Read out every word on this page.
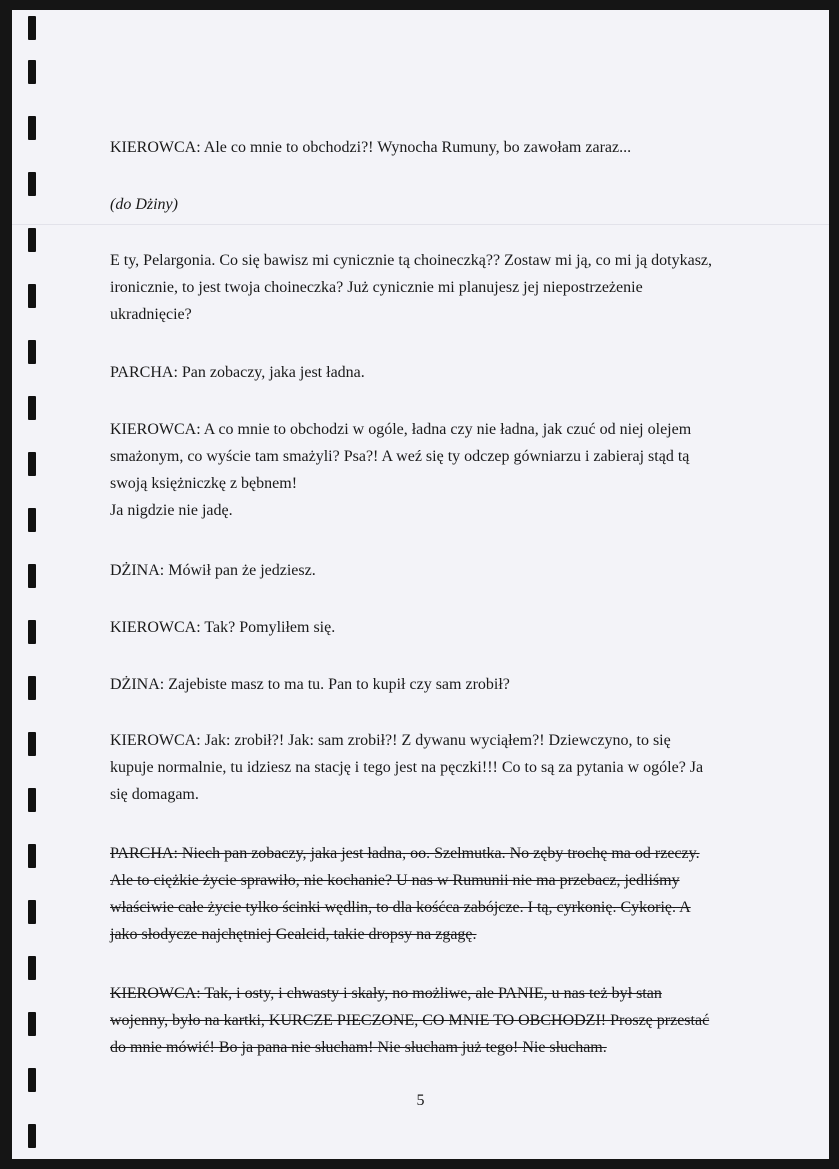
KIEROWCA: Ale co mnie to obchodzi?! Wynocha Rumuny, bo zawołam zaraz...

(do Dżiny)

E ty, Pelargonia. Co się bawisz mi cynicznie tą choineczką?? Zostaw mi ją, co mi ją dotykasz,
ironicznie, to jest twoja choineczka? Już cynicznie mi planujesz jej niepostrzeżenie
ukradnięcie?

PARCHA: Pan zobaczy, jaka jest ładna.

KIEROWCA: A co mnie to obchodzi w ogóle, ładna czy nie ładna, jak czuć od niej olejem
smażonym, co wyście tam smażyli? Psa?! A weź się ty odczep gówniarzu i zabieraj stąd tą
swoją księżniczkę z bębnem!
Ja nigdzie nie jadę.

DŻINA: Mówił pan że jedziesz.

KIEROWCA: Tak? Pomyliłem się.

DŻINA: Zajebiste masz to ma tu. Pan to kupił czy sam zrobił?

KIEROWCA: Jak: zrobił?! Jak: sam zrobił?! Z dywanu wyciąłem?! Dziewczyno, to się
kupuje normalnie, tu idziesz na stację i tego jest na pęczki!!! Co to są za pytania w ogóle? Ja
się domagam.

PARCHA: Niech pan zobaczy, jaka jest ładna, oo. Szelmutka. No zęby trochę ma od rzeczy.
Ale to ciężkie życie sprawiło, nie kochanie? U nas w Rumunii nie ma przebacz, jedliśmy
właściwie całe życie tylko ścinki wędlin, to dla kośćca zabójcze. I tą, cyrkonię. Cykorię. A
jako słodycze najchętniej Gealcid, takie dropsy na zgagę.

KIEROWCA: Tak, i osty, i chwasty i skały, no możliwe, ale PANIE, u nas też był stan
wojenny, było na kartki, KURCZE PIECZONE, CO MNIE TO OBCHODZI! Proszę przestać
do mnie mówić! Bo ja pana nie słucham! Nie słucham już tego! Nie słucham.

5
